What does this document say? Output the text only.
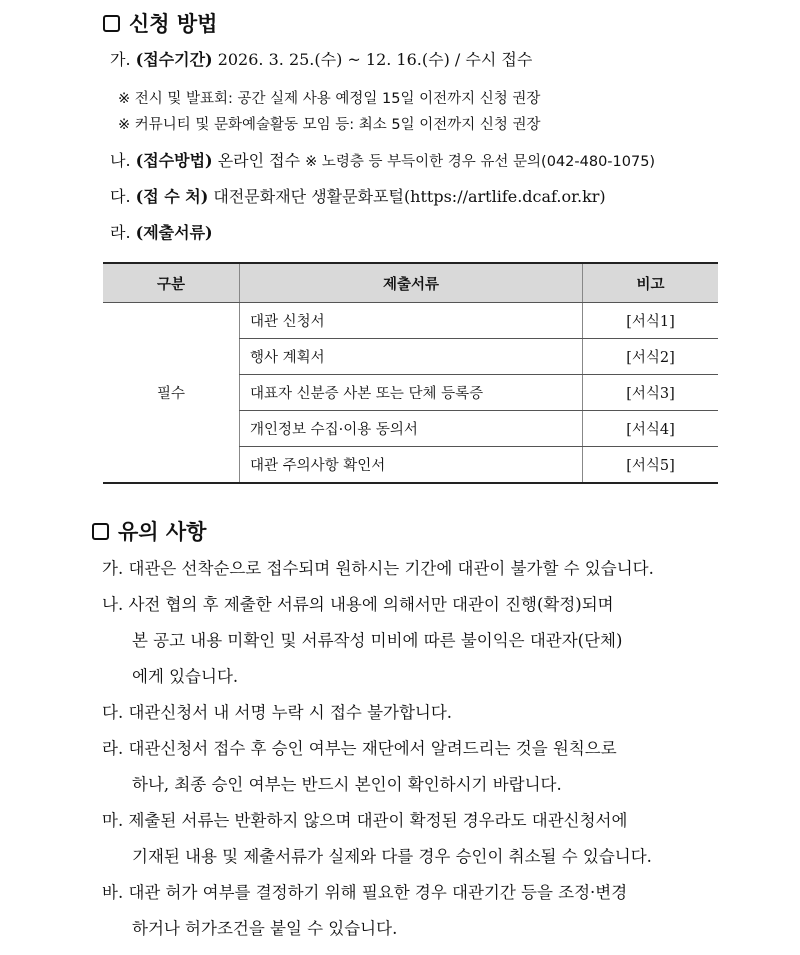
신청 방법
가. (접수기간) 2026. 3. 25.(수) ~ 12. 16.(수) / 수시 접수
※ 전시 및 발표회: 공간 실제 사용 예정일 15일 이전까지 신청 권장
※ 커뮤니티 및 문화예술활동 모임 등: 최소 5일 이전까지 신청 권장
나. (접수방법) 온라인 접수 ※ 노령층 등 부득이한 경우 유선 문의(042-480-1075)
다. (접 수 처) 대전문화재단 생활문화포털(https://artlife.dcaf.or.kr)
라. (제출서류)
구분	제출서류	비고
필수	대관 신청서	[서식1]
	행사 계획서	[서식2]
	대표자 신분증 사본 또는 단체 등록증	[서식3]
	개인정보 수집·이용 동의서	[서식4]
	대관 주의사항 확인서	[서식5]
유의 사항
가. 대관은 선착순으로 접수되며 원하시는 기간에 대관이 불가할 수 있습니다.
나. 사전 협의 후 제출한 서류의 내용에 의해서만 대관이 진행(확정)되며
본 공고 내용 미확인 및 서류작성 미비에 따른 불이익은 대관자(단체)
에게 있습니다.
다. 대관신청서 내 서명 누락 시 접수 불가합니다.
라. 대관신청서 접수 후 승인 여부는 재단에서 알려드리는 것을 원칙으로
하나, 최종 승인 여부는 반드시 본인이 확인하시기 바랍니다.
마. 제출된 서류는 반환하지 않으며 대관이 확정된 경우라도 대관신청서에
기재된 내용 및 제출서류가 실제와 다를 경우 승인이 취소될 수 있습니다.
바. 대관 허가 여부를 결정하기 위해 필요한 경우 대관기간 등을 조정·변경
하거나 허가조건을 붙일 수 있습니다.
